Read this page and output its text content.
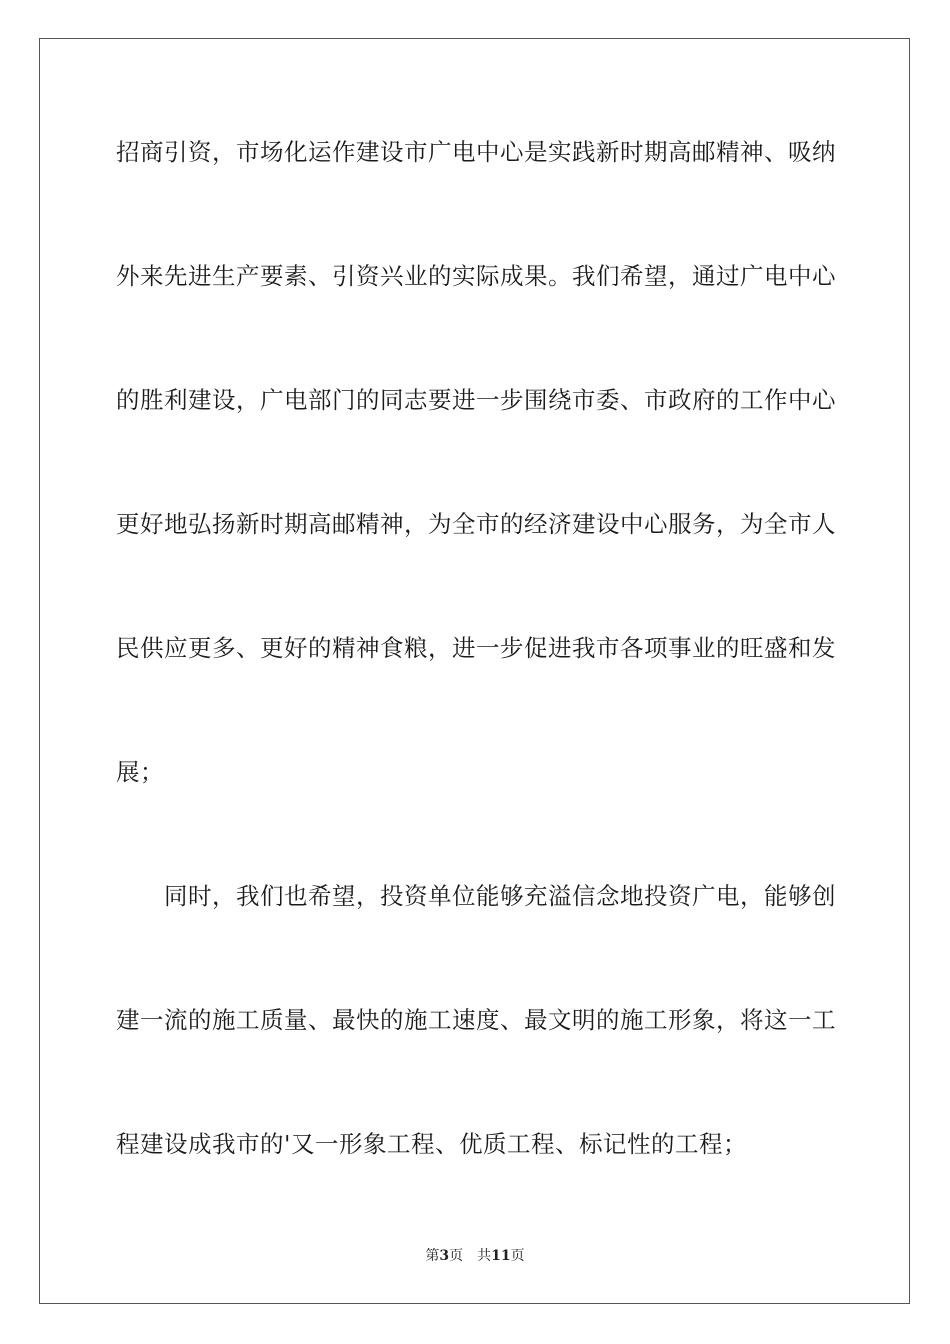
招商引资，市场化运作建设市广电中心是实践新时期高邮精神、吸纳
外来先进生产要素、引资兴业的实际成果。我们希望，通过广电中心
的胜利建设，广电部门的同志要进一步围绕市委、市政府的工作中心
更好地弘扬新时期高邮精神，为全市的经济建设中心服务，为全市人
民供应更多、更好的精神食粮，进一步促进我市各项事业的旺盛和发
展；
同时，我们也希望，投资单位能够充溢信念地投资广电，能够创
建一流的施工质量、最快的施工速度、最文明的施工形象，将这一工
程建设成我市的'又一形象工程、优质工程、标记性的工程；
第3页 共11页
